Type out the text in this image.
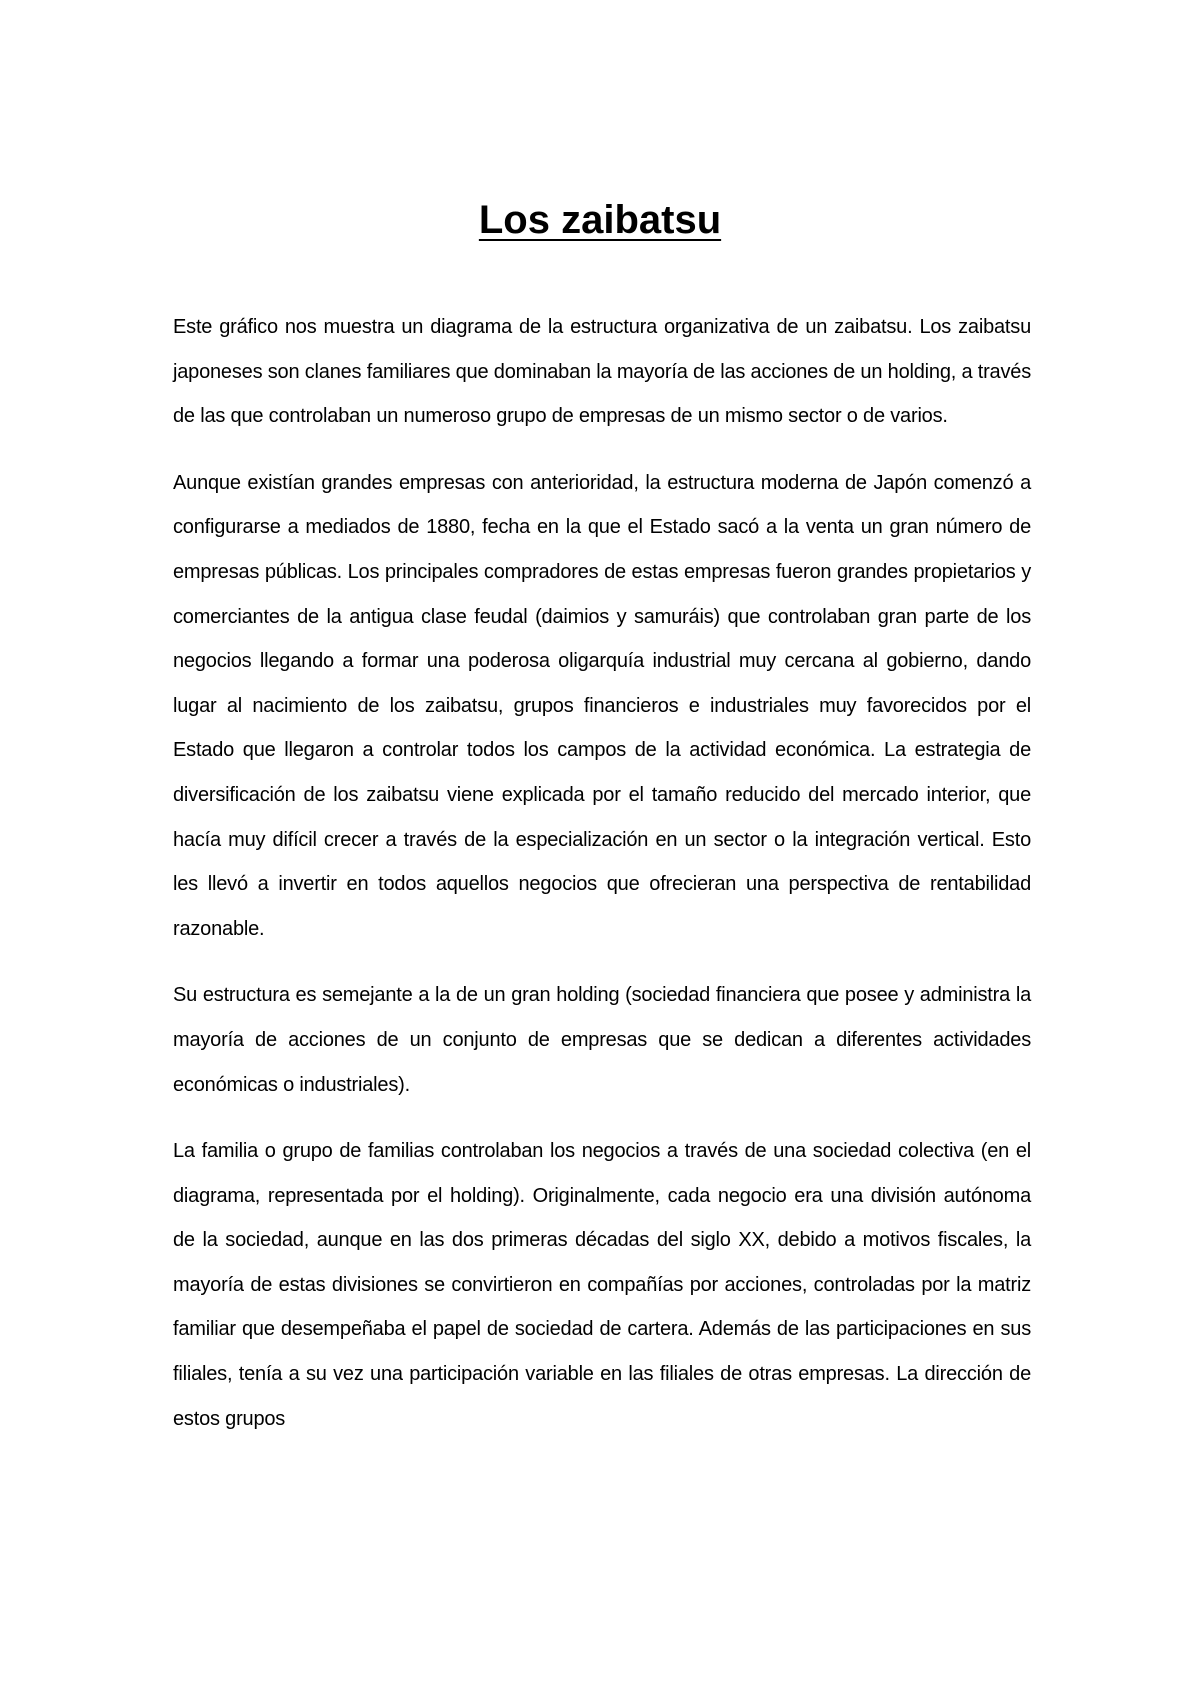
Los zaibatsu

Este gráfico nos muestra un diagrama de la estructura organizativa de un zaibatsu. Los zaibatsu japoneses son clanes familiares que dominaban la mayoría de las acciones de un holding, a través de las que controlaban un numeroso grupo de empresas de un mismo sector o de varios.

Aunque existían grandes empresas con anterioridad, la estructura moderna de Japón comenzó a configurarse a mediados de 1880, fecha en la que el Estado sacó a la venta un gran número de empresas públicas. Los principales compradores de estas empresas fueron grandes propietarios y comerciantes de la antigua clase feudal (daimios y samuráis) que controlaban gran parte de los negocios llegando a formar una poderosa oligarquía industrial muy cercana al gobierno, dando lugar al nacimiento de los zaibatsu, grupos financieros e industriales muy favorecidos por el Estado que llegaron a controlar todos los campos de la actividad económica. La estrategia de diversificación de los zaibatsu viene explicada por el tamaño reducido del mercado interior, que hacía muy difícil crecer a través de la especialización en un sector o la integración vertical. Esto les llevó a invertir en todos aquellos negocios que ofrecieran una perspectiva de rentabilidad razonable.

Su estructura es semejante a la de un gran holding (sociedad financiera que posee y administra la mayoría de acciones de un conjunto de empresas que se dedican a diferentes actividades económicas o industriales).

La familia o grupo de familias controlaban los negocios a través de una sociedad colectiva (en el diagrama, representada por el holding). Originalmente, cada negocio era una división autónoma de la sociedad, aunque en las dos primeras décadas del siglo XX, debido a motivos fiscales, la mayoría de estas divisiones se convirtieron en compañías por acciones, controladas por la matriz familiar que desempeñaba el papel de sociedad de cartera. Además de las participaciones en sus filiales, tenía a su vez una participación variable en las filiales de otras empresas. La dirección de estos grupos
